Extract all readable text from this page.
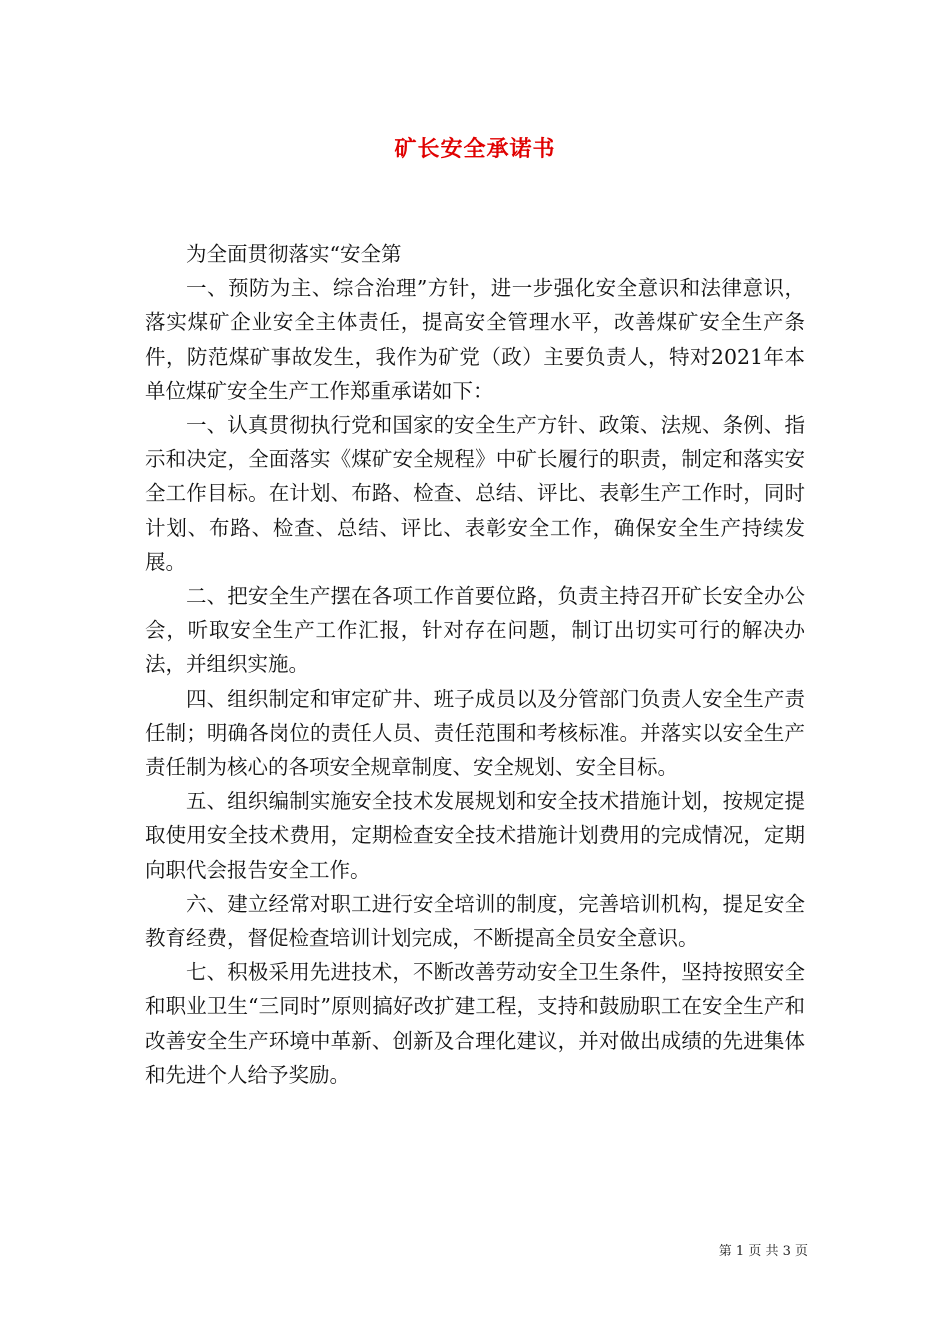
矿长安全承诺书

为全面贯彻落实“安全第

一、预防为主、综合治理”方针，进一步强化安全意识和法律意识，落实煤矿企业安全主体责任，提高安全管理水平，改善煤矿安全生产条件，防范煤矿事故发生，我作为矿党（政）主要负责人，特对2021年本单位煤矿安全生产工作郑重承诺如下：

一、认真贯彻执行党和国家的安全生产方针、政策、法规、条例、指示和决定，全面落实《煤矿安全规程》中矿长履行的职责，制定和落实安全工作目标。在计划、布路、检查、总结、评比、表彰生产工作时，同时计划、布路、检查、总结、评比、表彰安全工作，确保安全生产持续发展。

二、把安全生产摆在各项工作首要位路，负责主持召开矿长安全办公会，听取安全生产工作汇报，针对存在问题，制订出切实可行的解决办法，并组织实施。

四、组织制定和审定矿井、班子成员以及分管部门负责人安全生产责任制；明确各岗位的责任人员、责任范围和考核标准。并落实以安全生产责任制为核心的各项安全规章制度、安全规划、安全目标。

五、组织编制实施安全技术发展规划和安全技术措施计划，按规定提取使用安全技术费用，定期检查安全技术措施计划费用的完成情况，定期向职代会报告安全工作。

六、建立经常对职工进行安全培训的制度，完善培训机构，提足安全教育经费，督促检查培训计划完成，不断提高全员安全意识。

七、积极采用先进技术，不断改善劳动安全卫生条件，坚持按照安全和职业卫生“三同时”原则搞好改扩建工程，支持和鼓励职工在安全生产和改善安全生产环境中革新、创新及合理化建议，并对做出成绩的先进集体和先进个人给予奖励。

第 1 页 共 3 页
